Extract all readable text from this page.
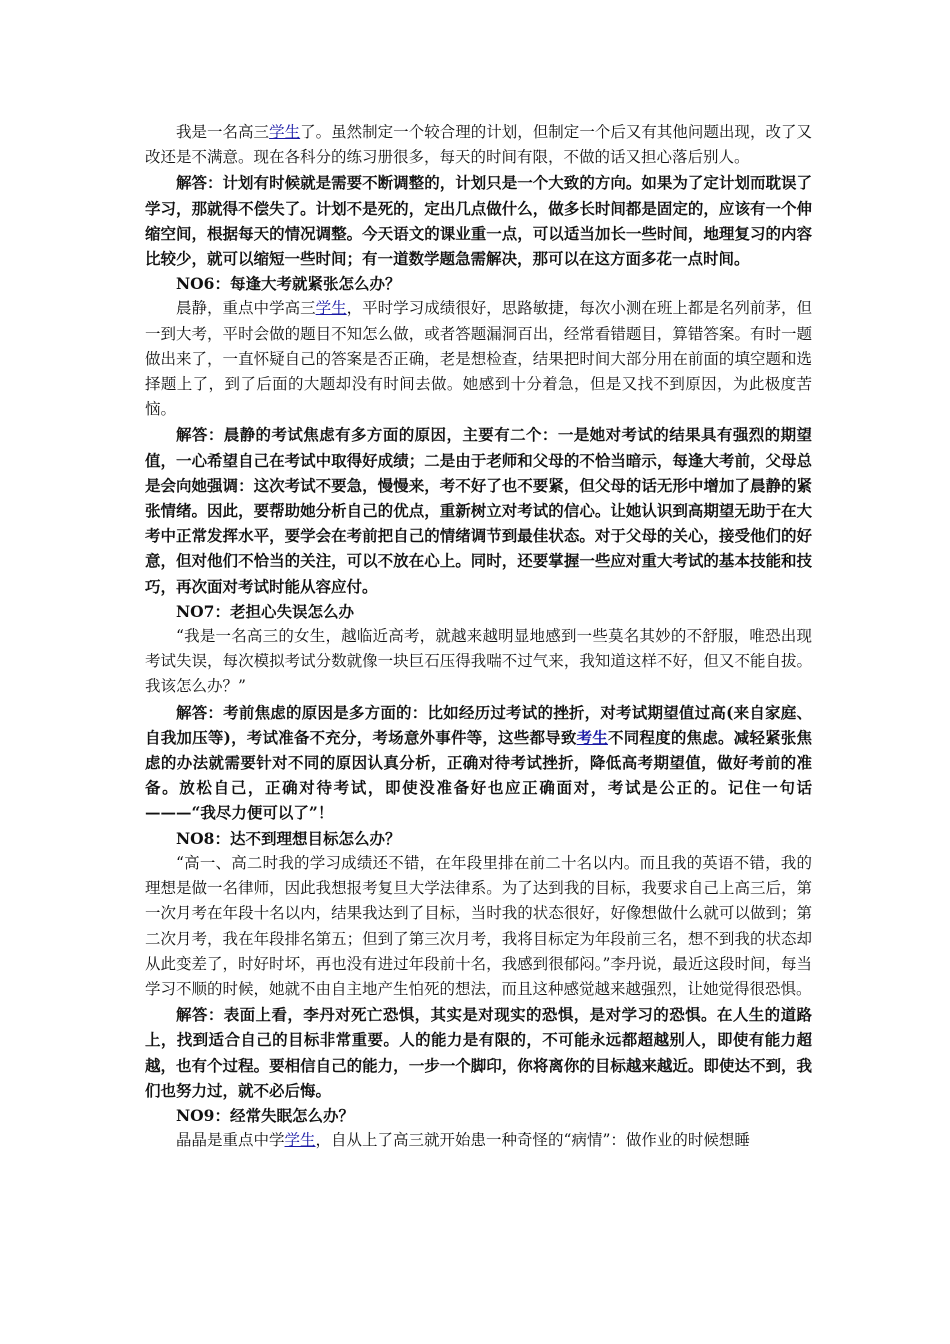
我是一名高三学生了。虽然制定一个较合理的计划，但制定一个后又有其他问题出现，改了又改还是不满意。现在各科分的练习册很多，每天的时间有限，不做的话又担心落后别人。

解答：计划有时候就是需要不断调整的，计划只是一个大致的方向。如果为了定计划而耽误了学习，那就得不偿失了。计划不是死的，定出几点做什么，做多长时间都是固定的，应该有一个伸缩空间，根据每天的情况调整。今天语文的课业重一点，可以适当加长一些时间，地理复习的内容比较少，就可以缩短一些时间；有一道数学题急需解决，那可以在这方面多花一点时间。

NO6：每逢大考就紧张怎么办？

晨静，重点中学高三学生，平时学习成绩很好，思路敏捷，每次小测在班上都是名列前茅，但一到大考，平时会做的题目不知怎么做，或者答题漏洞百出，经常看错题目，算错答案。有时一题做出来了，一直怀疑自己的答案是否正确，老是想检查，结果把时间大部分用在前面的填空题和选择题上了，到了后面的大题却没有时间去做。她感到十分着急，但是又找不到原因，为此极度苦恼。

解答：晨静的考试焦虑有多方面的原因，主要有二个：一是她对考试的结果具有强烈的期望值，一心希望自己在考试中取得好成绩；二是由于老师和父母的不恰当暗示，每逢大考前，父母总是会向她强调：这次考试不要急，慢慢来，考不好了也不要紧，但父母的话无形中增加了晨静的紧张情绪。因此，要帮助她分析自己的优点，重新树立对考试的信心。让她认识到高期望无助于在大考中正常发挥水平，要学会在考前把自己的情绪调节到最佳状态。对于父母的关心，接受他们的好意，但对他们不恰当的关注，可以不放在心上。同时，还要掌握一些应对重大考试的基本技能和技巧，再次面对考试时能从容应付。

NO7：老担心失误怎么办

“我是一名高三的女生，越临近高考，就越来越明显地感到一些莫名其妙的不舒服，唯恐出现考试失误，每次模拟考试分数就像一块巨石压得我喘不过气来，我知道这样不好，但又不能自拔。我该怎么办？”

解答：考前焦虑的原因是多方面的：比如经历过考试的挫折，对考试期望值过高(来自家庭、自我加压等)，考试准备不充分，考场意外事件等，这些都导致考生不同程度的焦虑。减轻紧张焦虑的办法就需要针对不同的原因认真分析，正确对待考试挫折，降低高考期望值，做好考前的准备。放松自己，正确对待考试，即使没准备好也应正确面对，考试是公正的。记住一句话———“我尽力便可以了”！

NO8：达不到理想目标怎么办？

“高一、高二时我的学习成绩还不错，在年段里排在前二十名以内。而且我的英语不错，我的理想是做一名律师，因此我想报考复旦大学法律系。为了达到我的目标，我要求自己上高三后，第一次月考在年段十名以内，结果我达到了目标，当时我的状态很好，好像想做什么就可以做到；第二次月考，我在年段排名第五；但到了第三次月考，我将目标定为年段前三名，想不到我的状态却从此变差了，时好时坏，再也没有进过年段前十名，我感到很郁闷。”李丹说，最近这段时间，每当学习不顺的时候，她就不由自主地产生怕死的想法，而且这种感觉越来越强烈，让她觉得很恐惧。

解答：表面上看，李丹对死亡恐惧，其实是对现实的恐惧，是对学习的恐惧。在人生的道路上，找到适合自己的目标非常重要。人的能力是有限的，不可能永远都超越别人，即使有能力超越，也有个过程。要相信自己的能力，一步一个脚印，你将离你的目标越来越近。即使达不到，我们也努力过，就不必后悔。

NO9：经常失眠怎么办？

晶晶是重点中学学生，自从上了高三就开始患一种奇怪的“病情”：做作业的时候想睡
